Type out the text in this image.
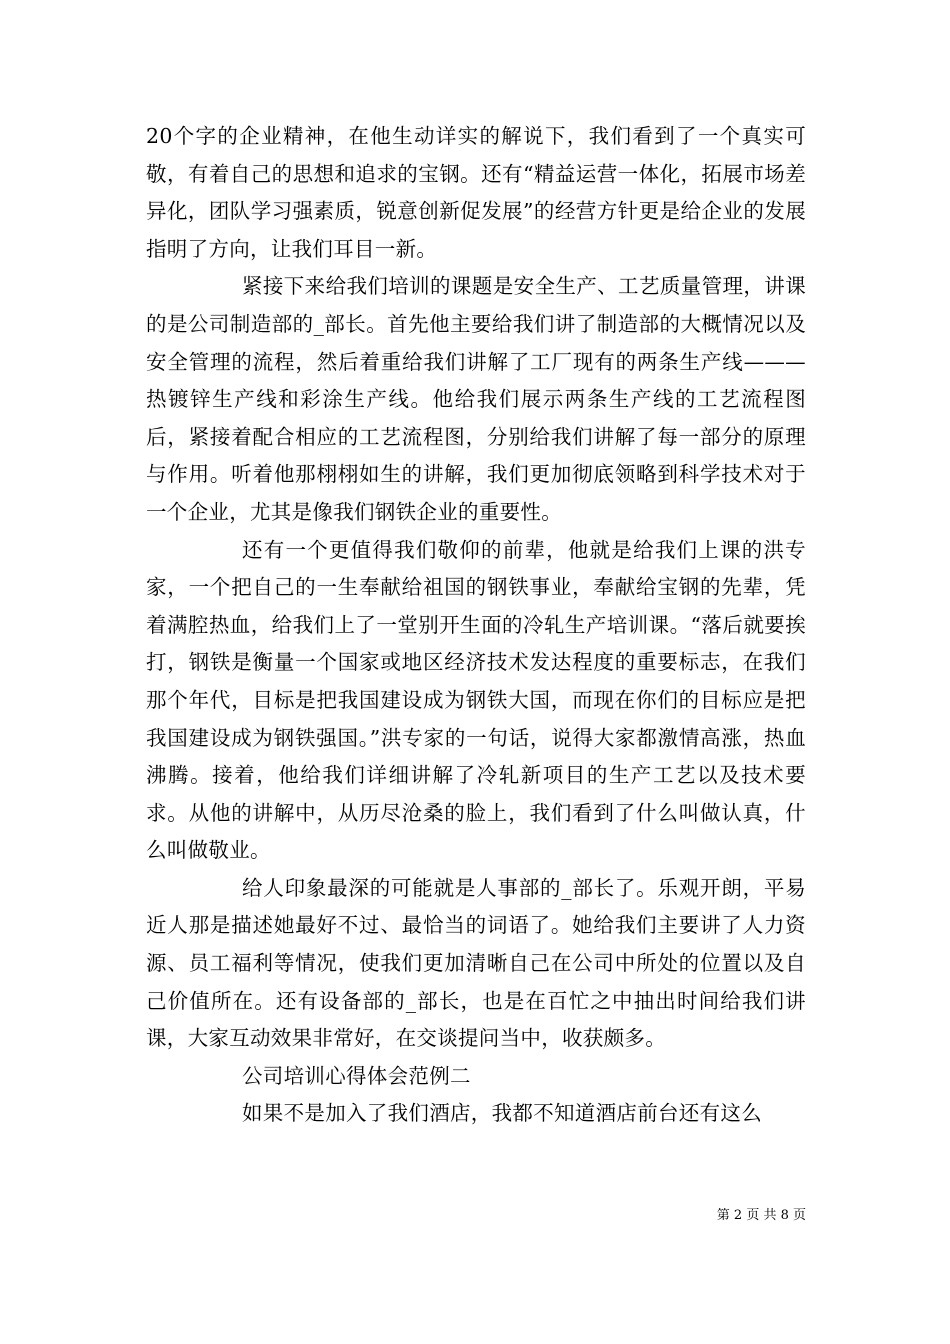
20个字的企业精神，在他生动详实的解说下，我们看到了一个真实可敬，有着自己的思想和追求的宝钢。还有“精益运营一体化，拓展市场差异化，团队学习强素质，锐意创新促发展”的经营方针更是给企业的发展指明了方向，让我们耳目一新。

紧接下来给我们培训的课题是安全生产、工艺质量管理，讲课的是公司制造部的_部长。首先他主要给我们讲了制造部的大概情况以及安全管理的流程，然后着重给我们讲解了工厂现有的两条生产线———热镀锌生产线和彩涂生产线。他给我们展示两条生产线的工艺流程图后，紧接着配合相应的工艺流程图，分别给我们讲解了每一部分的原理与作用。听着他那栩栩如生的讲解，我们更加彻底领略到科学技术对于一个企业，尤其是像我们钢铁企业的重要性。

还有一个更值得我们敬仰的前辈，他就是给我们上课的洪专家，一个把自己的一生奉献给祖国的钢铁事业，奉献给宝钢的先辈，凭着满腔热血，给我们上了一堂别开生面的冷轧生产培训课。“落后就要挨打，钢铁是衡量一个国家或地区经济技术发达程度的重要标志，在我们那个年代，目标是把我国建设成为钢铁大国，而现在你们的目标应是把我国建设成为钢铁强国。”洪专家的一句话，说得大家都激情高涨，热血沸腾。接着，他给我们详细讲解了冷轧新项目的生产工艺以及技术要求。从他的讲解中，从历尽沧桑的脸上，我们看到了什么叫做认真，什么叫做敬业。

给人印象最深的可能就是人事部的_部长了。乐观开朗，平易近人那是描述她最好不过、最恰当的词语了。她给我们主要讲了人力资源、员工福利等情况，使我们更加清晰自己在公司中所处的位置以及自己价值所在。还有设备部的_部长，也是在百忙之中抽出时间给我们讲课，大家互动效果非常好，在交谈提问当中，收获颇多。

公司培训心得体会范例二

如果不是加入了我们酒店，我都不知道酒店前台还有这么

第 2 页 共 8 页
